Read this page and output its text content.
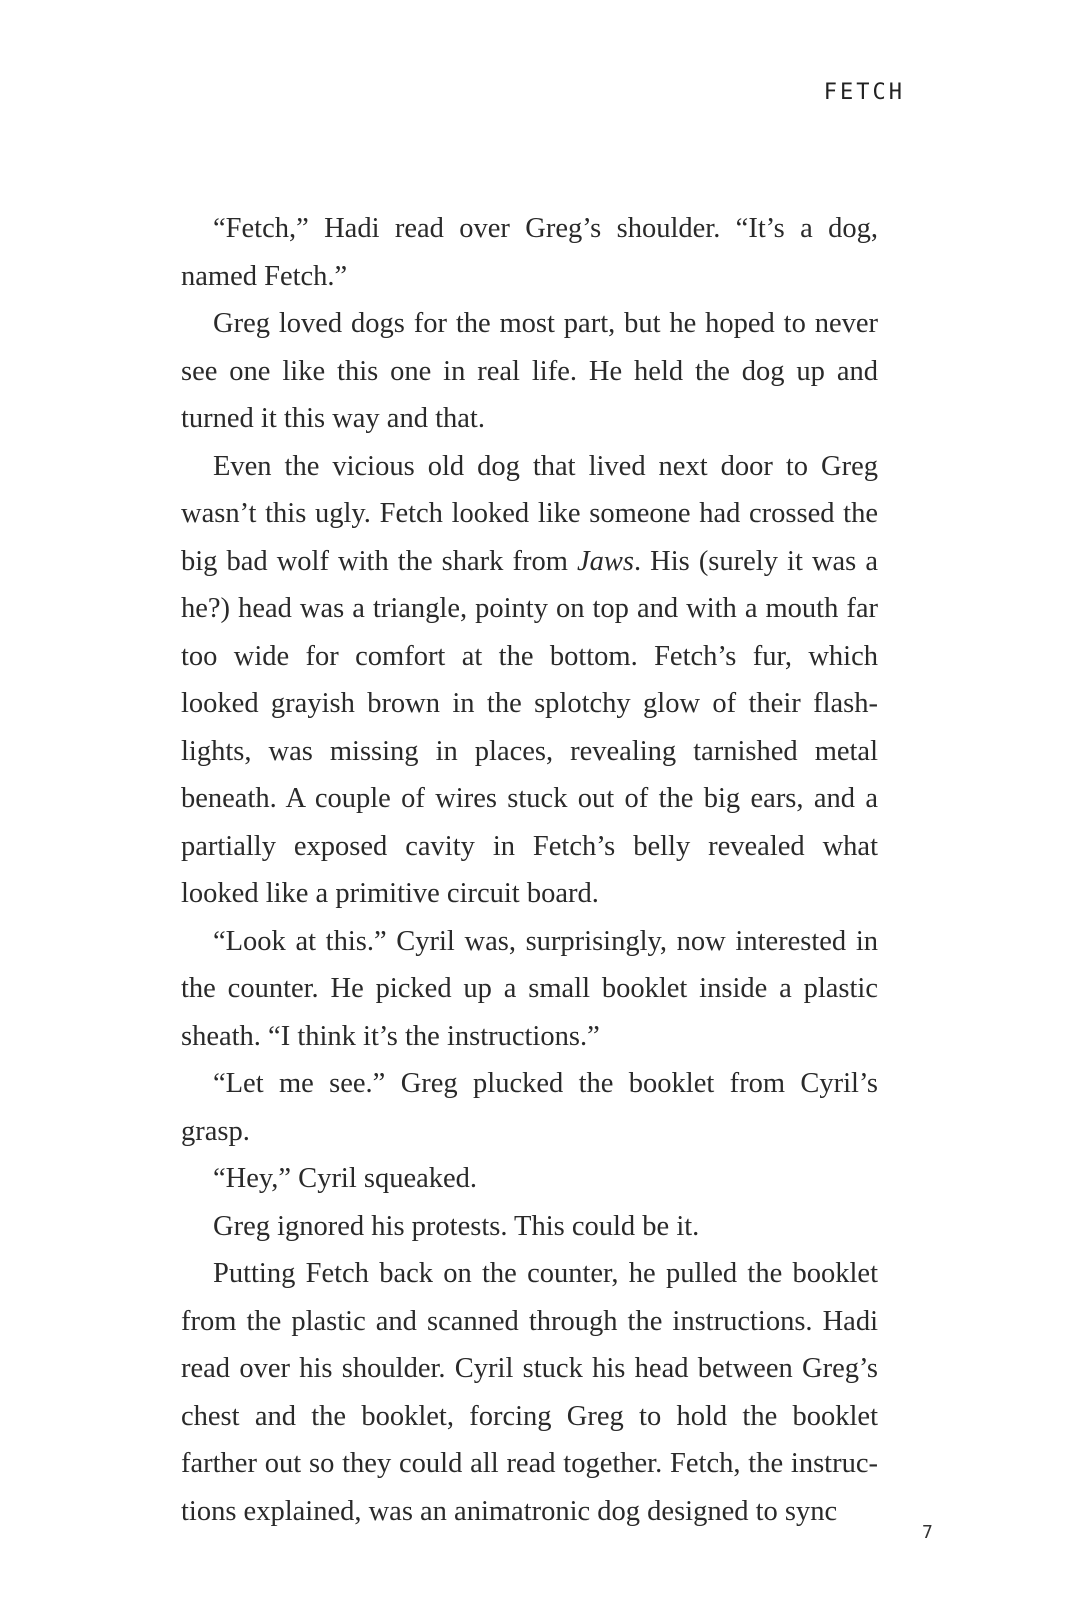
FETCH

“Fetch,” Hadi read over Greg’s shoulder. “It’s a dog, named Fetch.”

Greg loved dogs for the most part, but he hoped to never see one like this one in real life. He held the dog up and turned it this way and that.

Even the vicious old dog that lived next door to Greg wasn’t this ugly. Fetch looked like someone had crossed the big bad wolf with the shark from Jaws. His (surely it was a he?) head was a triangle, pointy on top and with a mouth far too wide for comfort at the bottom. Fetch’s fur, which looked grayish brown in the splotchy glow of their flashlights, was missing in places, revealing tarnished metal beneath. A couple of wires stuck out of the big ears, and a partially exposed cavity in Fetch’s belly revealed what looked like a primitive circuit board.

“Look at this.” Cyril was, surprisingly, now interested in the counter. He picked up a small booklet inside a plastic sheath. “I think it’s the instructions.”

“Let me see.” Greg plucked the booklet from Cyril’s grasp.

“Hey,” Cyril squeaked.

Greg ignored his protests. This could be it.

Putting Fetch back on the counter, he pulled the booklet from the plastic and scanned through the instructions. Hadi read over his shoulder. Cyril stuck his head between Greg’s chest and the booklet, forcing Greg to hold the booklet farther out so they could all read together. Fetch, the instructions explained, was an animatronic dog designed to sync

7
